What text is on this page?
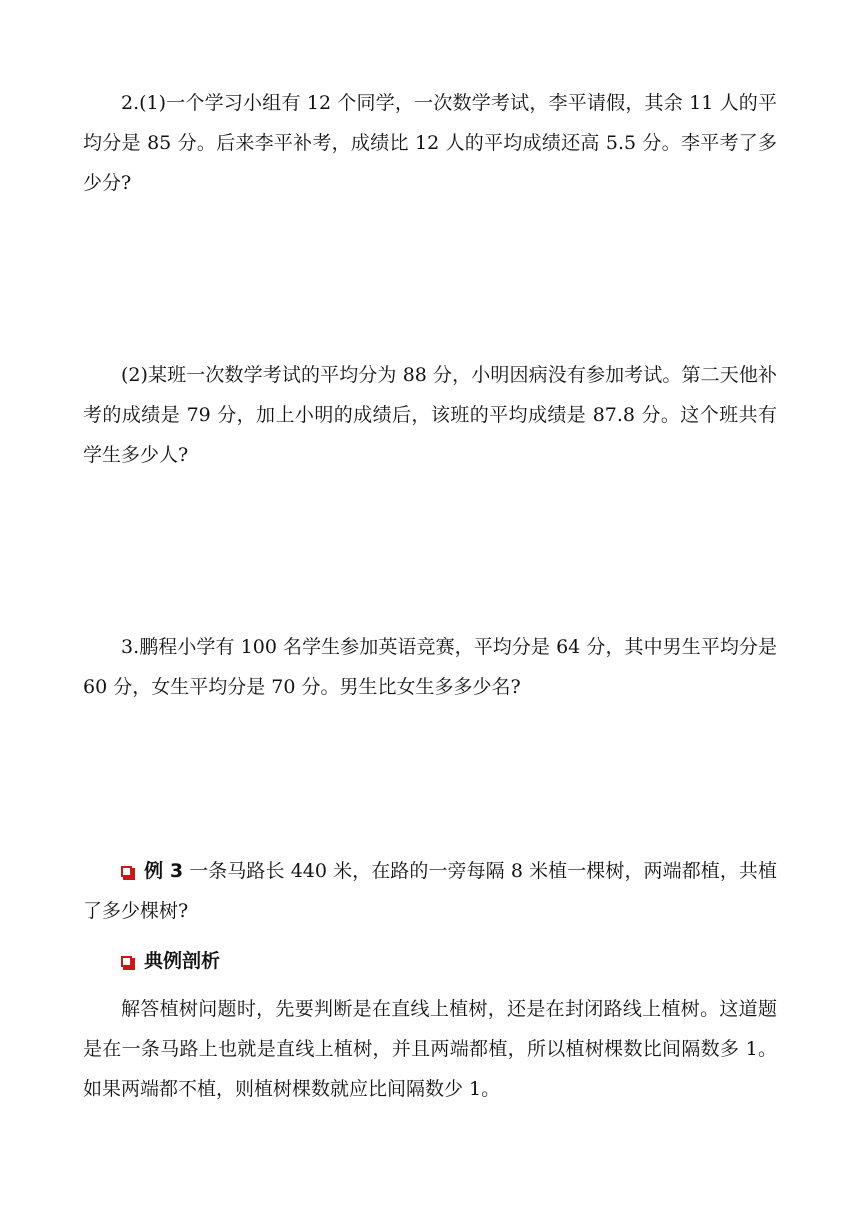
2.(1)一个学习小组有 12 个同学，一次数学考试，李平请假，其余 11 人的平均分是 85 分。后来李平补考，成绩比 12 人的平均成绩还高 5.5 分。李平考了多少分?

(2)某班一次数学考试的平均分为 88 分，小明因病没有参加考试。第二天他补考的成绩是 79 分，加上小明的成绩后，该班的平均成绩是 87.8 分。这个班共有学生多少人?

3.鹏程小学有 100 名学生参加英语竞赛，平均分是 64 分，其中男生平均分是 60 分，女生平均分是 70 分。男生比女生多多少名?

例 3 一条马路长 440 米，在路的一旁每隔 8 米植一棵树，两端都植，共植了多少棵树?

典例剖析

解答植树问题时，先要判断是在直线上植树，还是在封闭路线上植树。这道题是在一条马路上也就是直线上植树，并且两端都植，所以植树棵数比间隔数多 1。如果两端都不植，则植树棵数就应比间隔数少 1。
